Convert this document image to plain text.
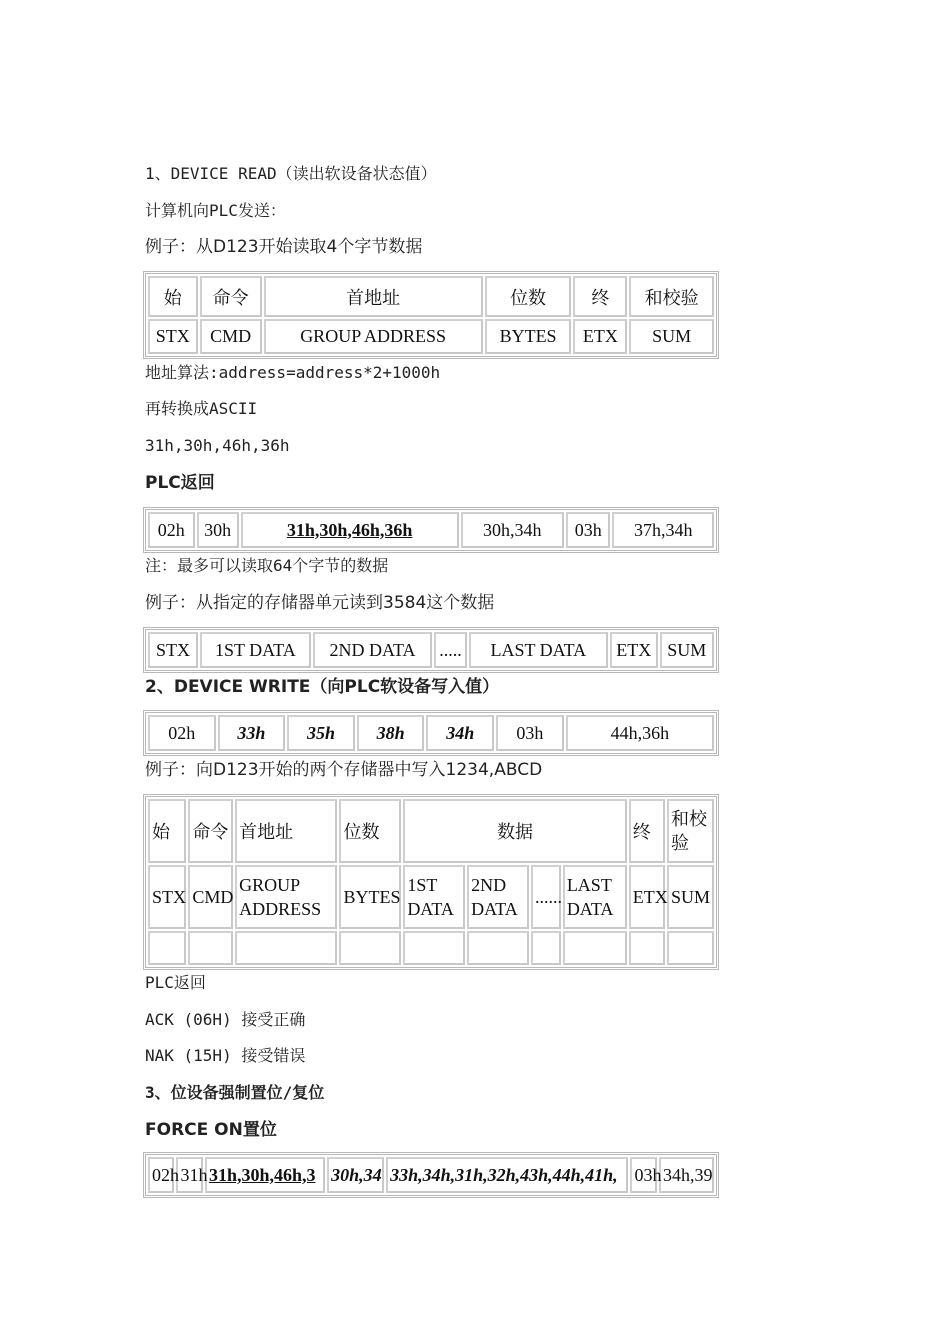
1、DEVICE READ（读出软设备状态值）
计算机向PLC发送：
例子：从D123开始读取4个字节数据
始	命令	首地址	位数	终	和校验
STX	CMD	GROUP ADDRESS	BYTES	ETX	SUM
地址算法:address=address*2+1000h
再转换成ASCII
31h,30h,46h,36h
PLC返回
02h	30h	31h,30h,46h,36h	30h,34h	03h	37h,34h
注：最多可以读取64个字节的数据
例子：从指定的存储器单元读到3584这个数据
STX	1ST DATA	2ND DATA	.....	LAST DATA	ETX	SUM
2、DEVICE WRITE（向PLC软设备写入值）
02h	33h	35h	38h	34h	03h	44h,36h
例子：向D123开始的两个存储器中写入1234,ABCD
始	命令	首地址	位数	数据				终	和校验
STX	CMD	GROUP ADDRESS	BYTES	1ST DATA	2ND DATA	......	LAST DATA	ETX	SUM

PLC返回
ACK (06H) 接受正确
NAK (15H) 接受错误
3、位设备强制置位/复位
FORCE ON置位
02h	31h	31h,30h,46h,3	30h,34	33h,34h,31h,32h,43h,44h,41h,	03h	34h,39
